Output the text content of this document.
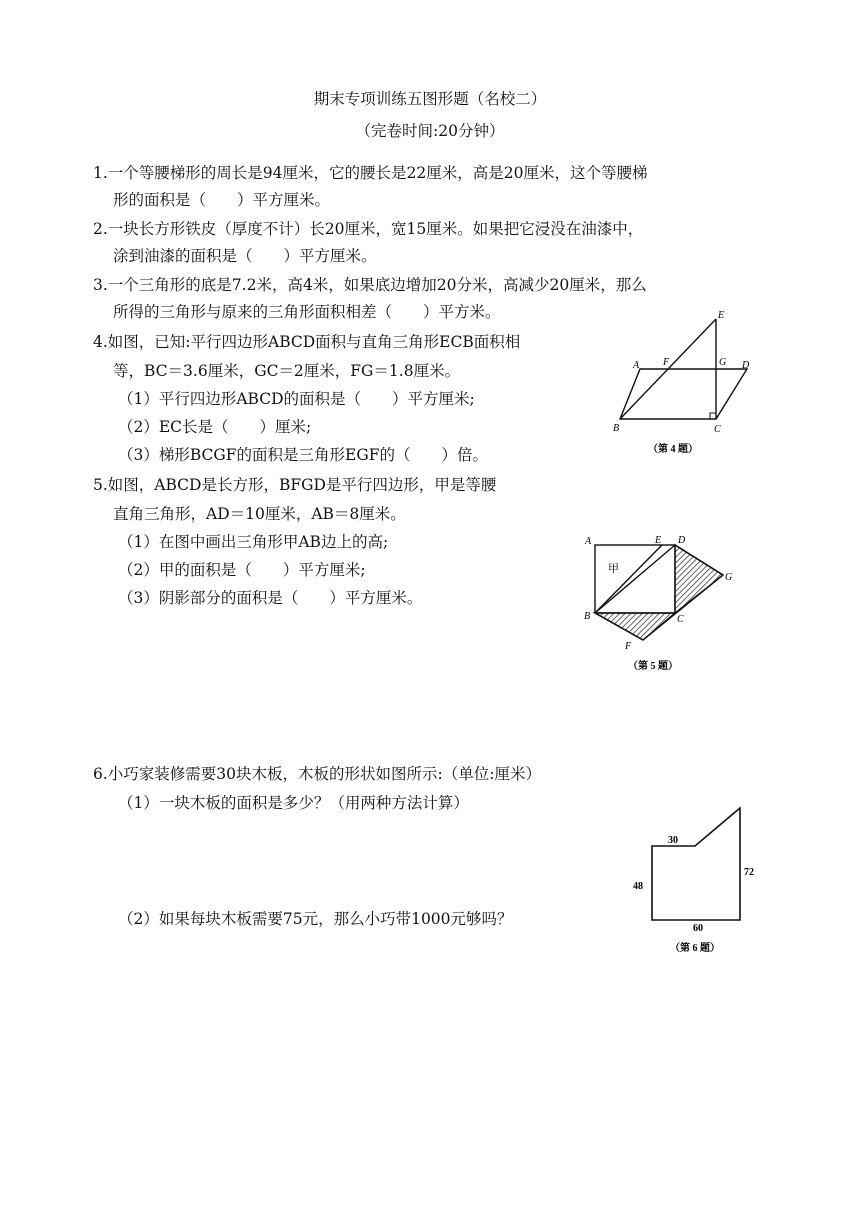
期末专项训练五图形题（名校二）
（完卷时间:20分钟）
1.一个等腰梯形的周长是94厘米，它的腰长是22厘米，高是20厘米，这个等腰梯
形的面积是（　　）平方厘米。
2.一块长方形铁皮（厚度不计）长20厘米，宽15厘米。如果把它浸没在油漆中，
涂到油漆的面积是（　　）平方厘米。
3.一个三角形的底是7.2米，高4米，如果底边增加20分米，高减少20厘米，那么
所得的三角形与原来的三角形面积相差（　　）平方米。
4.如图，已知:平行四边形ABCD面积与直角三角形ECB面积相
等，BC＝3.6厘米，GC＝2厘米，FG＝1.8厘米。
（1）平行四边形ABCD的面积是（　　）平方厘米;
（2）EC长是（　　）厘米;
（3）梯形BCGF的面积是三角形EGF的（　　）倍。
E
F	G D
A
B	C
（第 4 题）
5.如图，ABCD是长方形，BFGD是平行四边形，甲是等腰
直角三角形，AD＝10厘米，AB＝8厘米。
（1）在图中画出三角形甲AB边上的高;
（2）甲的面积是（　　）平方厘米;
（3）阴影部分的面积是（　　）平方厘米。
A	E D
G
B	C
F
甲
（第 5 题）
6.小巧家装修需要30块木板，木板的形状如图所示:（单位:厘米）
（1）一块木板的面积是多少？（用两种方法计算）
（2）如果每块木板需要75元，那么小巧带1000元够吗？
30
48
72
60
（第 6 题）
